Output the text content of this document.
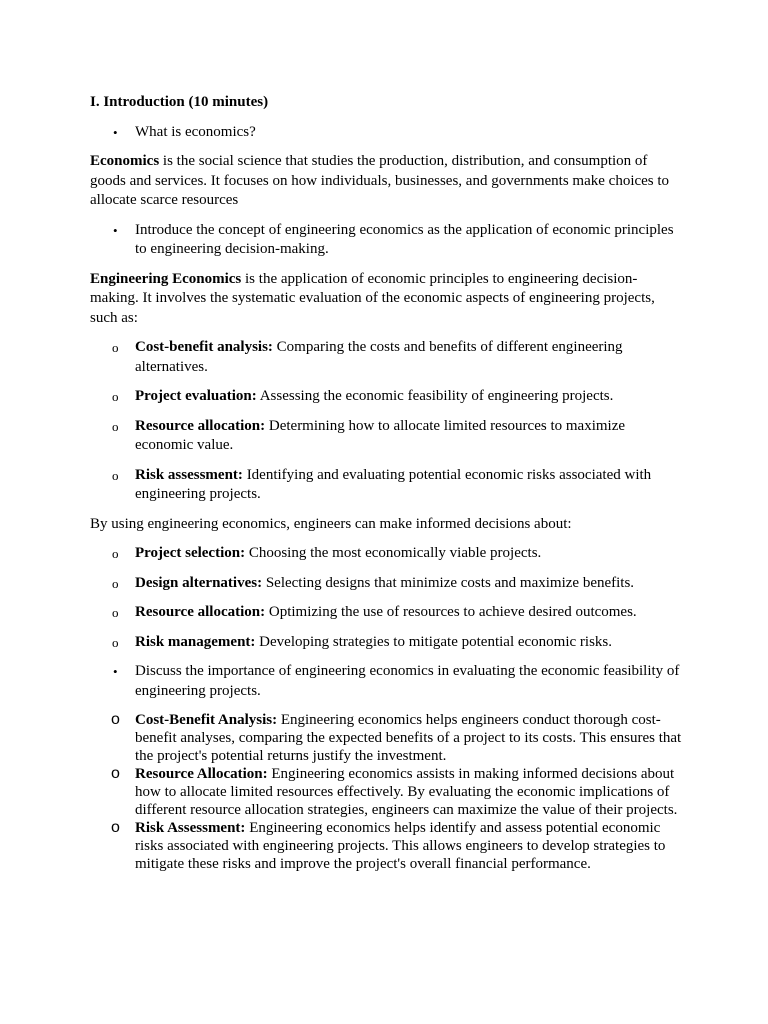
I. Introduction (10 minutes)

• What is economics?

Economics is the social science that studies the production, distribution, and consumption of goods and services. It focuses on how individuals, businesses, and governments make choices to allocate scarce resources

• Introduce the concept of engineering economics as the application of economic principles to engineering decision-making.

Engineering Economics is the application of economic principles to engineering decision-making. It involves the systematic evaluation of the economic aspects of engineering projects, such as:

o Cost-benefit analysis: Comparing the costs and benefits of different engineering alternatives.
o Project evaluation: Assessing the economic feasibility of engineering projects.
o Resource allocation: Determining how to allocate limited resources to maximize economic value.
o Risk assessment: Identifying and evaluating potential economic risks associated with engineering projects.

By using engineering economics, engineers can make informed decisions about:

o Project selection: Choosing the most economically viable projects.
o Design alternatives: Selecting designs that minimize costs and maximize benefits.
o Resource allocation: Optimizing the use of resources to achieve desired outcomes.
o Risk management: Developing strategies to mitigate potential economic risks.
• Discuss the importance of engineering economics in evaluating the economic feasibility of engineering projects.
o Cost-Benefit Analysis: Engineering economics helps engineers conduct thorough cost-benefit analyses, comparing the expected benefits of a project to its costs. This ensures that the project's potential returns justify the investment.
o Resource Allocation: Engineering economics assists in making informed decisions about how to allocate limited resources effectively. By evaluating the economic implications of different resource allocation strategies, engineers can maximize the value of their projects.
o Risk Assessment: Engineering economics helps identify and assess potential economic risks associated with engineering projects. This allows engineers to develop strategies to mitigate these risks and improve the project's overall financial performance.
